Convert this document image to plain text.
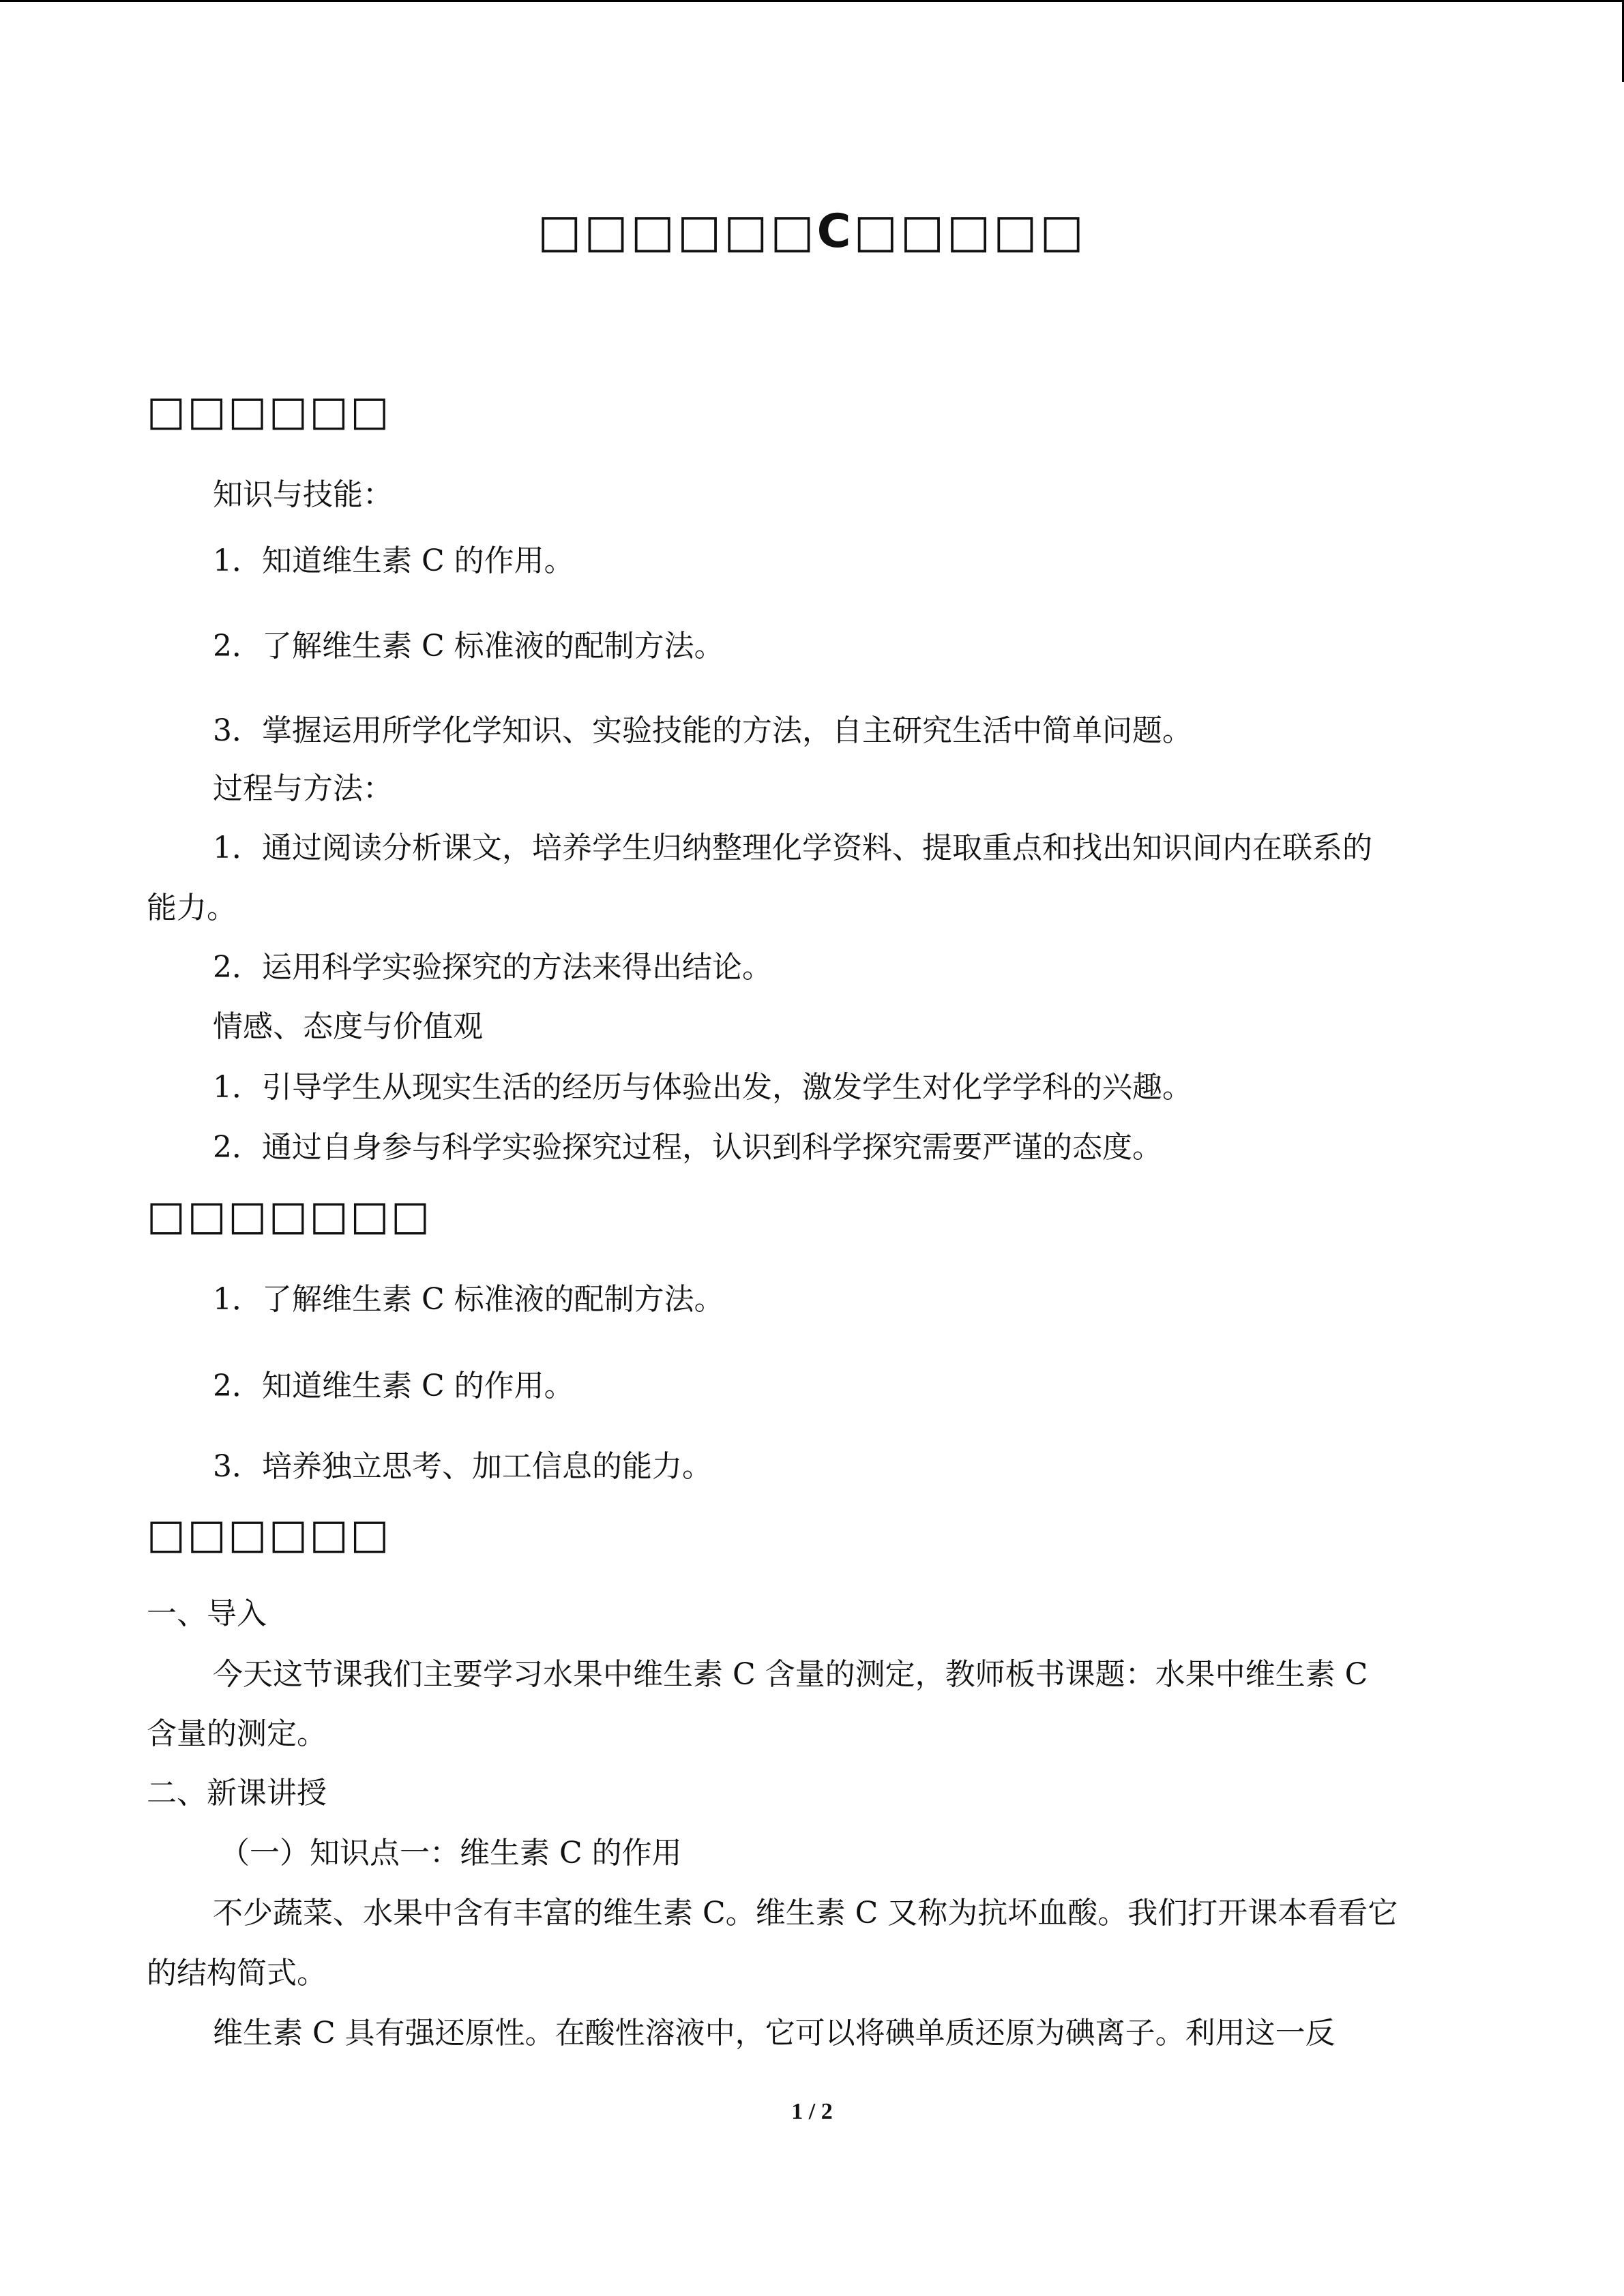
□□□□□□C□□□□□
□□□□□□
知识与技能：
1．知道维生素 C 的作用。
2．了解维生素 C 标准液的配制方法。
3．掌握运用所学化学知识、实验技能的方法，自主研究生活中简单问题。
过程与方法：
1．通过阅读分析课文，培养学生归纳整理化学资料、提取重点和找出知识间内在联系的
能力。
2．运用科学实验探究的方法来得出结论。
情感、态度与价值观
1．引导学生从现实生活的经历与体验出发，激发学生对化学学科的兴趣。
2．通过自身参与科学实验探究过程，认识到科学探究需要严谨的态度。
□□□□□□□
1．了解维生素 C 标准液的配制方法。
2．知道维生素 C 的作用。
3．培养独立思考、加工信息的能力。
□□□□□□
一、导入
今天这节课我们主要学习水果中维生素 C 含量的测定，教师板书课题：水果中维生素 C
含量的测定。
二、新课讲授
（一）知识点一：维生素 C 的作用
不少蔬菜、水果中含有丰富的维生素 C。维生素 C 又称为抗坏血酸。我们打开课本看看它
的结构简式。
维生素 C 具有强还原性。在酸性溶液中，它可以将碘单质还原为碘离子。利用这一反
1 / 2
